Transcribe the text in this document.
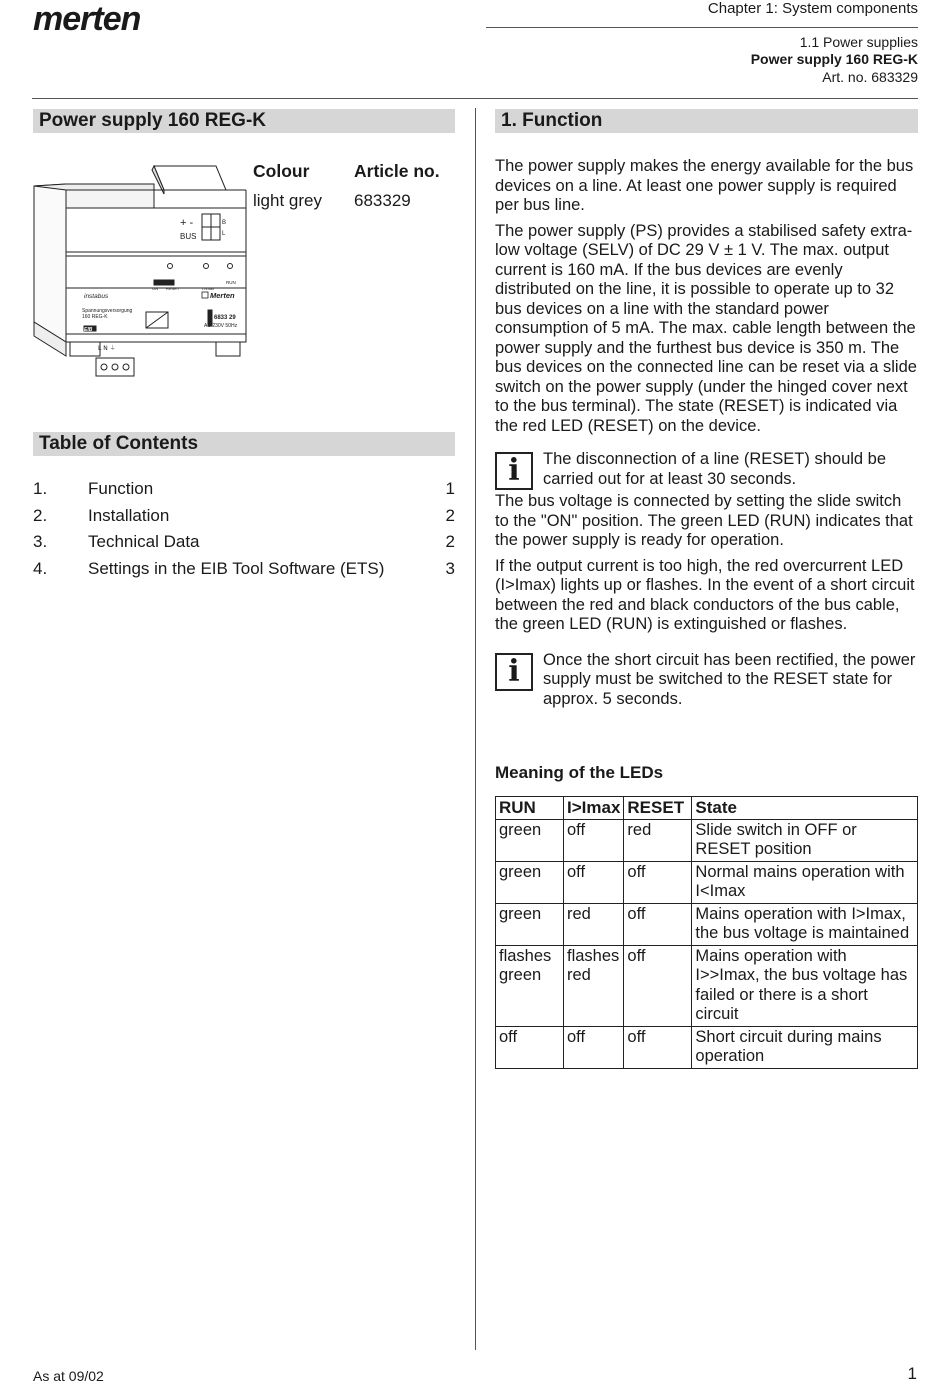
merten	Chapter 1: System components
1.1 Power supplies
Power supply 160 REG-K
Art. no. 683329
Power supply 160 REG-K
+ -
BUS
B
L
RUN
ON RESET	I>Imax
instabus	Merten
Spannungsversorgung
160 REG-K	6833 29
AC 230V 50Hz
EIB
L N ⏚
Colour	Article no.
light grey 683329
Table of Contents
1. Function	1
2. Installation	2
3. Technical Data	2
4. Settings in the EIB Tool Software (ETS)	3
1. Function

The power supply makes the energy available for the bus devices on a line. At least one power supply is required per bus line.

The power supply (PS) provides a stabilised safety extra-low voltage (SELV) of DC 29 V ± 1 V. The max. output current is 160 mA. If the bus devices are evenly distributed on the line, it is possible to operate up to 32 bus devices on a line with the standard power consumption of 5 mA. The max. cable length between the power supply and the furthest bus device is 350 m. The bus devices on the connected line can be reset via a slide switch on the power supply (under the hinged cover next to the bus terminal). The state (RESET) is indicated via the red LED (RESET) on the device.

i The disconnection of a line (RESET) should be carried out for at least 30 seconds.

The bus voltage is connected by setting the slide switch to the "ON" position. The green LED (RUN) indicates that the power supply is ready for operation.

If the output current is too high, the red overcurrent LED (I>Imax) lights up or flashes. In the event of a short circuit between the red and black conductors of the bus cable, the green LED (RUN) is extinguished or flashes.

i Once the short circuit has been rectified, the power supply must be switched to the RESET state for approx. 5 seconds.
Meaning of the LEDs
RUN	I>Imax	RESET	State
green	off	red	Slide switch in OFF or RESET position
green	off	off	Normal mains operation with I<Imax
green	red	off	Mains operation with I>Imax, the bus voltage is maintained
flashes green	flashes red	off	Mains operation with I>>Imax, the bus voltage has failed or there is a short circuit
off	off	off	Short circuit during mains operation
As at 09/02	1
